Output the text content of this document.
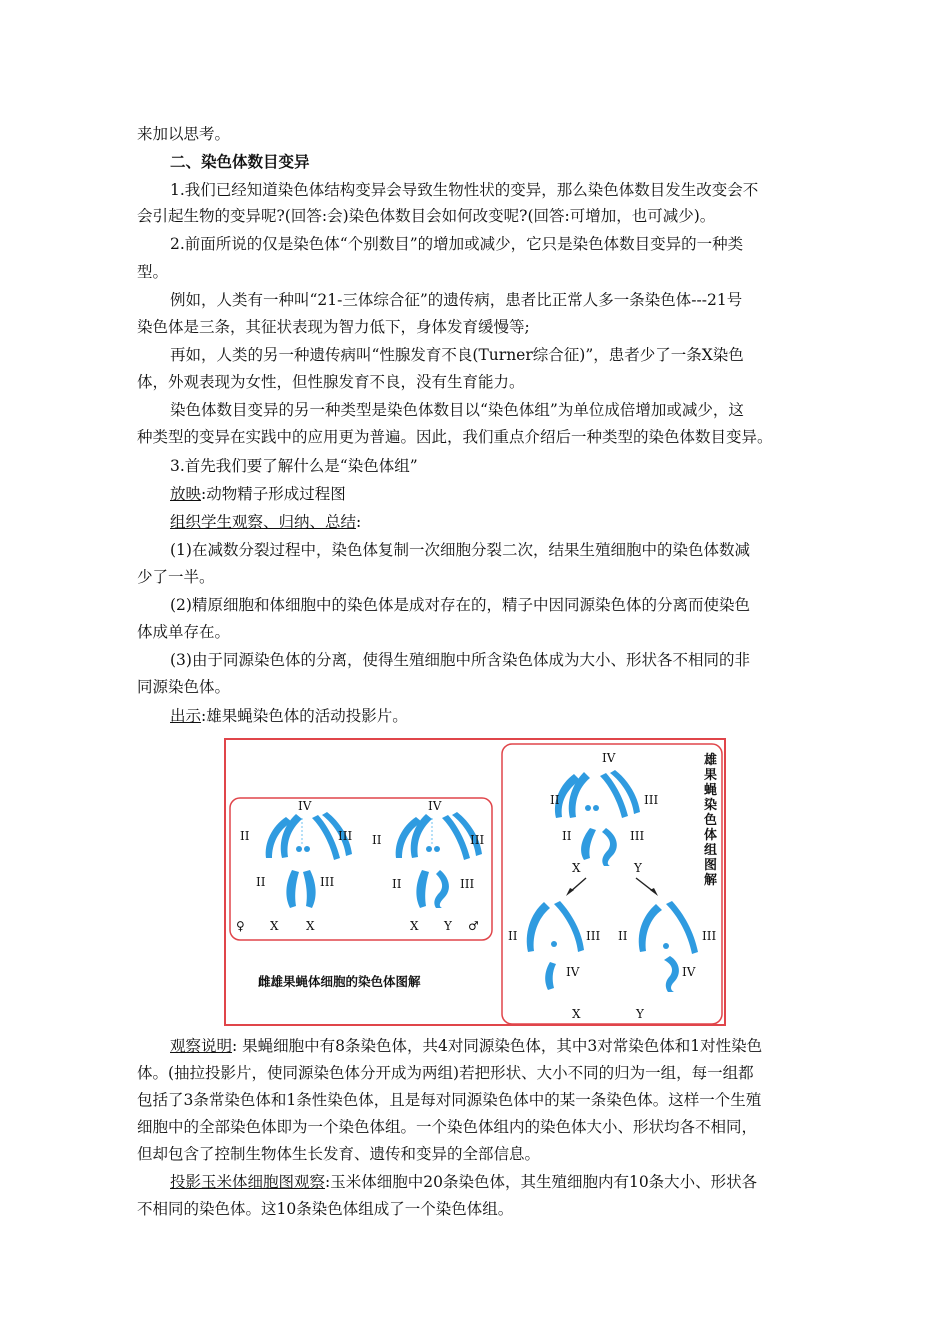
来加以思考。
二、染色体数目变异
1.我们已经知道染色体结构变异会导致生物性状的变异，那么染色体数目发生改变会不
会引起生物的变异呢?(回答:会)染色体数目会如何改变呢?(回答:可增加，也可减少)。
2.前面所说的仅是染色体“个别数目”的增加或减少，它只是染色体数目变异的一种类
型。
例如，人类有一种叫“21-三体综合征”的遗传病，患者比正常人多一条染色体---21号
染色体是三条，其征状表现为智力低下，身体发育缓慢等;
再如，人类的另一种遗传病叫“性腺发育不良(Turner综合征)”，患者少了一条X染色
体，外观表现为女性，但性腺发育不良，没有生育能力。
染色体数目变异的另一种类型是染色体数目以“染色体组”为单位成倍增加或减少，这
种类型的变异在实践中的应用更为普遍。因此，我们重点介绍后一种类型的染色体数目变异。
3.首先我们要了解什么是“染色体组”
放映:动物精子形成过程图
组织学生观察、归纳、总结:
(1)在减数分裂过程中，染色体复制一次细胞分裂二次，结果生殖细胞中的染色体数减
少了一半。
(2)精原细胞和体细胞中的染色体是成对存在的，精子中因同源染色体的分离而使染色
体成单存在。
(3)由于同源染色体的分离，使得生殖细胞中所含染色体成为大小、形状各不相同的非
同源染色体。
出示:雄果蝇染色体的活动投影片。
IV
II	III
II	III
♀ X X
IV
II	III
II	III
X Y ♂
雌雄果蝇体细胞的染色体图解
IV
II	III
II	III
X	Y
II	III
IV
X
II	III
IV
Y
雄果蝇染色体组图解
观察说明: 果蝇细胞中有8条染色体，共4对同源染色体，其中3对常染色体和1对性染色
体。(抽拉投影片，使同源染色体分开成为两组)若把形状、大小不同的归为一组，每一组都
包括了3条常染色体和1条性染色体，且是每对同源染色体中的某一条染色体。这样一个生殖
细胞中的全部染色体即为一个染色体组。一个染色体组内的染色体大小、形状均各不相同，
但却包含了控制生物体生长发育、遗传和变异的全部信息。
投影玉米体细胞图观察:玉米体细胞中20条染色体，其生殖细胞内有10条大小、形状各
不相同的染色体。这10条染色体组成了一个染色体组。
